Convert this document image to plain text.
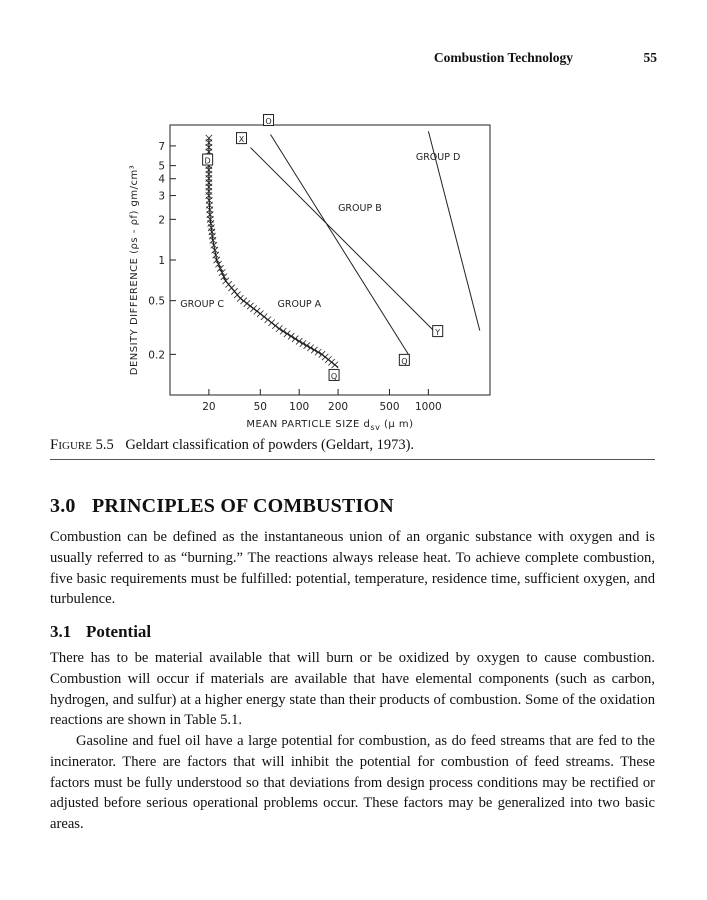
Combustion Technology	55
20	50 100 200	500 1000
0.2
0.5
1
2
3
4
5
7
MEAN PARTICLE SIZE $d_{sv}$ (μ m)
DENSITY DIFFERENCE (ρs - ρf) gm/cm³
D
X
O
Y
Q
Q
GROUP D
GROUP B
GROUP A
GROUP C
Figure 5.5 Geldart classification of powders (Geldart, 1973).
3.0 PRINCIPLES OF COMBUSTION

Combustion can be defined as the instantaneous union of an organic substance with oxygen and is usually referred to as “burning.” The reactions always release heat. To achieve complete combustion, five basic requirements must be fulfilled: potential, temperature, residence time, sufficient oxygen, and turbulence.

3.1 Potential

There has to be material available that will burn or be oxidized by oxygen to cause combustion. Combustion will occur if materials are available that have elemental components (such as carbon, hydrogen, and sulfur) at a higher energy state than their products of combustion. Some of the oxidation reactions are shown in Table 5.1.

Gasoline and fuel oil have a large potential for combustion, as do feed streams that are fed to the incinerator. There are factors that will inhibit the potential for combustion of feed streams. These factors must be fully understood so that deviations from design process conditions may be rectified or adjusted before serious operational problems occur. These factors may be generalized into two basic areas.
